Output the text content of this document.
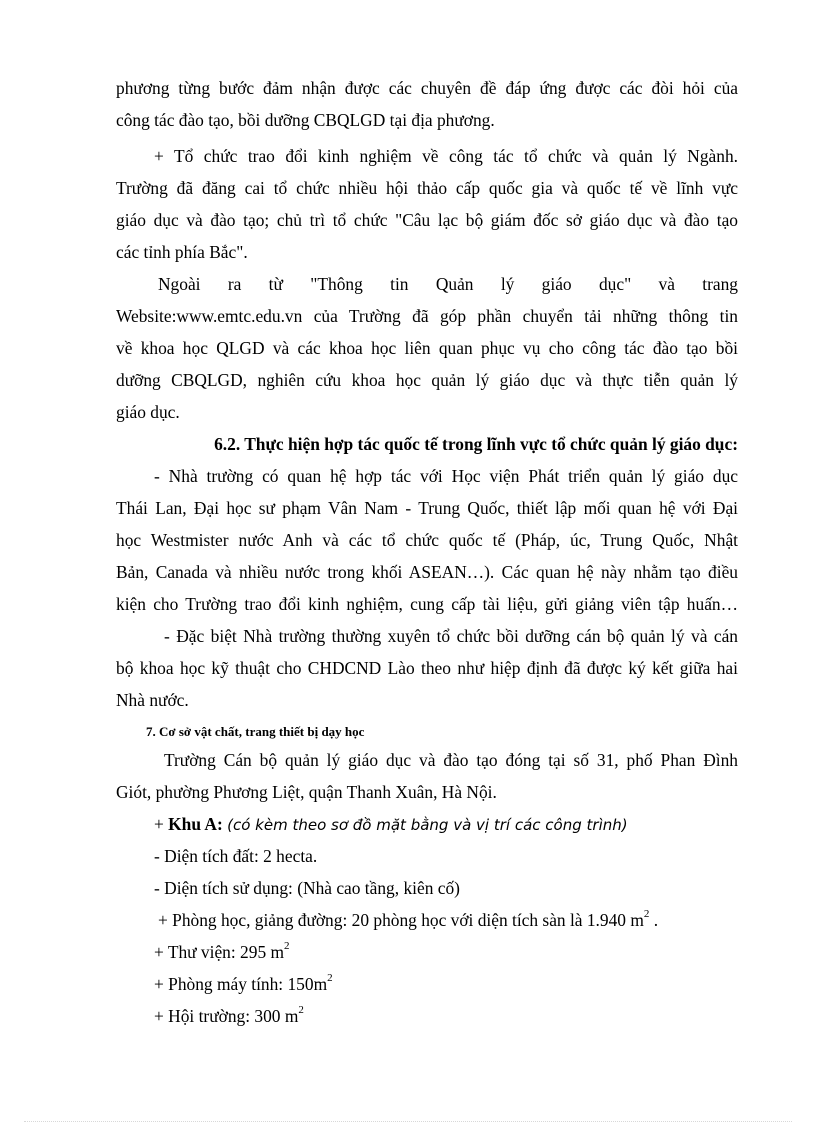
phương từng bước đảm nhận được các chuyên đề đáp ứng được các đòi hỏi của
công tác đào tạo, bồi dưỡng CBQLGD tại địa phương.
+ Tổ chức trao đổi kinh nghiệm về công tác tổ chức và quản lý Ngành.
Trường đã đăng cai tổ chức nhiều hội thảo cấp quốc gia và quốc tế về lĩnh vực
giáo dục và đào tạo; chủ trì tổ chức "Câu lạc bộ giám đốc sở giáo dục và đào tạo
các tỉnh phía Bắc".
Ngoài ra từ "Thông tin Quản lý giáo dục" và trang
Website:www.emtc.edu.vn của Trường đã góp phần chuyển tải những thông tin
về khoa học QLGD và các khoa học liên quan phục vụ cho công tác đào tạo bồi
dưỡng CBQLGD, nghiên cứu khoa học quản lý giáo dục và thực tiễn quản lý
giáo dục.
6.2. Thực hiện hợp tác quốc tế trong lĩnh vực tổ chức quản lý giáo dục:
- Nhà trường có quan hệ hợp tác với Học viện Phát triển quản lý giáo dục
Thái Lan, Đại học sư phạm Vân Nam - Trung Quốc, thiết lập mối quan hệ với Đại
học Westmister nước Anh và các tổ chức quốc tế (Pháp, úc, Trung Quốc, Nhật
Bản, Canada và nhiều nước trong khối ASEAN…). Các quan hệ này nhằm tạo điều
kiện cho Trường trao đổi kinh nghiệm, cung cấp tài liệu, gửi giảng viên tập huấn…
- Đặc biệt Nhà trường thường xuyên tổ chức bồi dưỡng cán bộ quản lý và cán
bộ khoa học kỹ thuật cho CHDCND Lào theo như hiệp định đã được ký kết giữa hai
Nhà nước.
7. Cơ sở vật chất, trang thiết bị dạy học
Trường Cán bộ quản lý giáo dục và đào tạo đóng tại số 31, phố Phan Đình
Giót, phường Phương Liệt, quận Thanh Xuân, Hà Nội.
+ Khu A: (có kèm theo sơ đồ mặt bằng và vị trí các công trình)
- Diện tích đất: 2 hecta.
- Diện tích sử dụng: (Nhà cao tầng, kiên cố)
+ Phòng học, giảng đường: 20 phòng học với diện tích sàn là 1.940 $m^2$ .
+ Thư viện: 295 $m^2$
+ Phòng máy tính: $150m^2$
+ Hội trường: 300 $m^2$
